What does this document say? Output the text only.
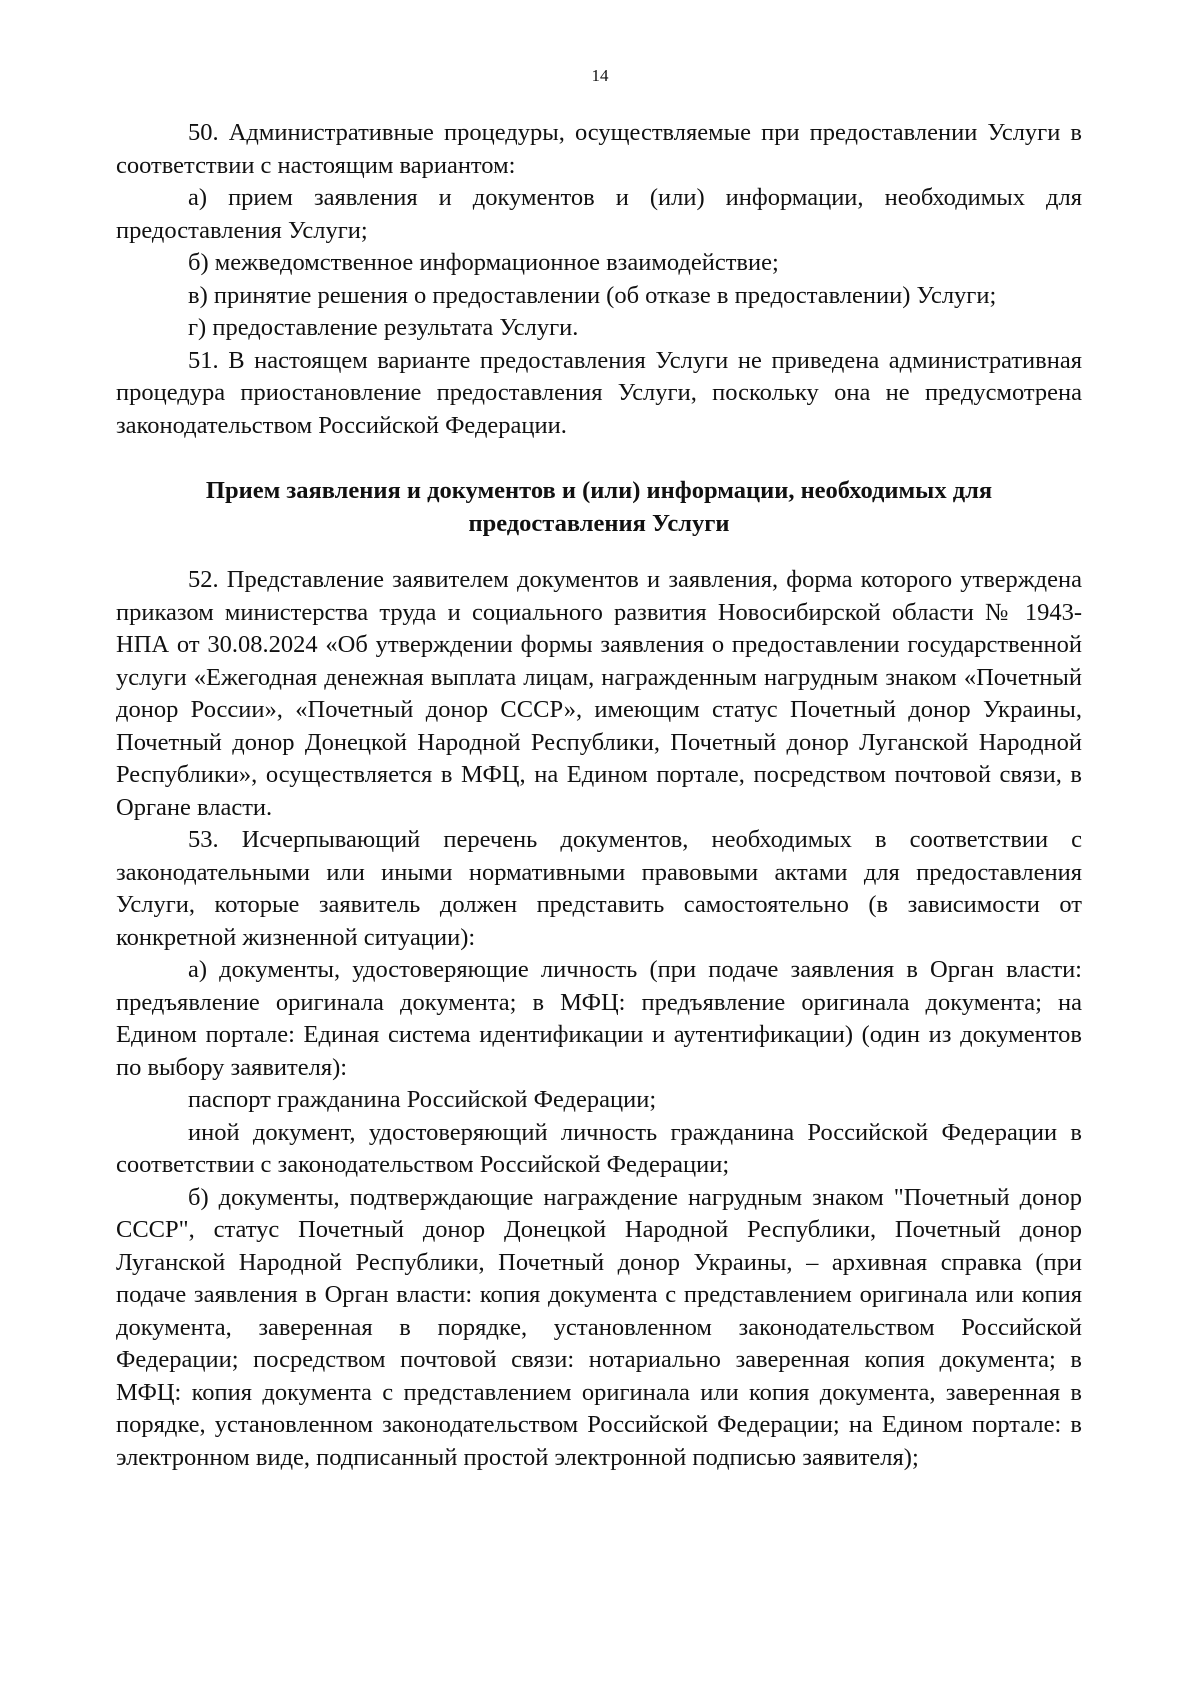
14

50. Административные процедуры, осуществляемые при предоставлении Услуги в соответствии с настоящим вариантом:

а) прием заявления и документов и (или) информации, необходимых для предоставления Услуги;

б) межведомственное информационное взаимодействие;

в) принятие решения о предоставлении (об отказе в предоставлении) Услуги;

г) предоставление результата Услуги.

51. В настоящем варианте предоставления Услуги не приведена административная процедура приостановление предоставления Услуги, поскольку она не предусмотрена законодательством Российской Федерации.

Прием заявления и документов и (или) информации, необходимых для предоставления Услуги

52. Представление заявителем документов и заявления, форма которого утверждена приказом министерства труда и социального развития Новосибирской области № 1943-НПА от 30.08.2024 «Об утверждении формы заявления о предоставлении государственной услуги «Ежегодная денежная выплата лицам, награжденным нагрудным знаком «Почетный донор России», «Почетный донор СССР», имеющим статус Почетный донор Украины, Почетный донор Донецкой Народной Республики, Почетный донор Луганской Народной Республики», осуществляется в МФЦ, на Едином портале, посредством почтовой связи, в Органе власти.

53. Исчерпывающий перечень документов, необходимых в соответствии с законодательными или иными нормативными правовыми актами для предоставления Услуги, которые заявитель должен представить самостоятельно (в зависимости от конкретной жизненной ситуации):

а) документы, удостоверяющие личность (при подаче заявления в Орган власти: предъявление оригинала документа; в МФЦ: предъявление оригинала документа; на Едином портале: Единая система идентификации и аутентификации) (один из документов по выбору заявителя):

паспорт гражданина Российской Федерации;

иной документ, удостоверяющий личность гражданина Российской Федерации в соответствии с законодательством Российской Федерации;

б) документы, подтверждающие награждение нагрудным знаком "Почетный донор СССР", статус Почетный донор Донецкой Народной Республики, Почетный донор Луганской Народной Республики, Почетный донор Украины, – архивная справка (при подаче заявления в Орган власти: копия документа с представлением оригинала или копия документа, заверенная в порядке, установленном законодательством Российской Федерации; посредством почтовой связи: нотариально заверенная копия документа; в МФЦ: копия документа с представлением оригинала или копия документа, заверенная в порядке, установленном законодательством Российской Федерации; на Едином портале: в электронном виде, подписанный простой электронной подписью заявителя);
